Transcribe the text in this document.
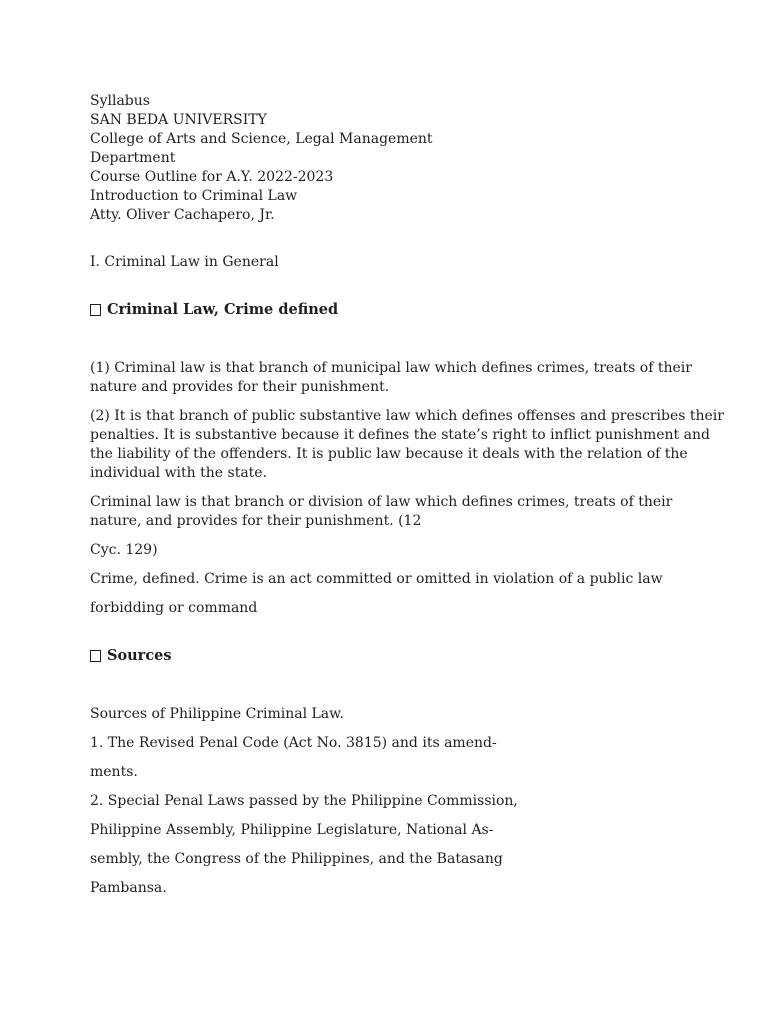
Syllabus
SAN BEDA UNIVERSITY
College of Arts and Science, Legal Management
Department
Course Outline for A.Y. 2022-2023
Introduction to Criminal Law
Atty. Oliver Cachapero, Jr.
I. Criminal Law in General
Criminal Law, Crime defined
(1) Criminal law is that branch of municipal law which defines crimes, treats of their
nature and provides for their punishment.
(2) It is that branch of public substantive law which defines offenses and prescribes their
penalties. It is substantive because it defines the state’s right to inflict punishment and
the liability of the offenders. It is public law because it deals with the relation of the
individual with the state.
Criminal law is that branch or division of law which defines crimes, treats of their
nature, and provides for their punishment. (12
Cyc. 129)
Crime, defined. Crime is an act committed or omitted in violation of a public law
forbidding or command
Sources
Sources of Philippine Criminal Law.
1. The Revised Penal Code (Act No. 3815) and its amend-
ments.
2. Special Penal Laws passed by the Philippine Commission,
Philippine Assembly, Philippine Legislature, National As-
sembly, the Congress of the Philippines, and the Batasang
Pambansa.
